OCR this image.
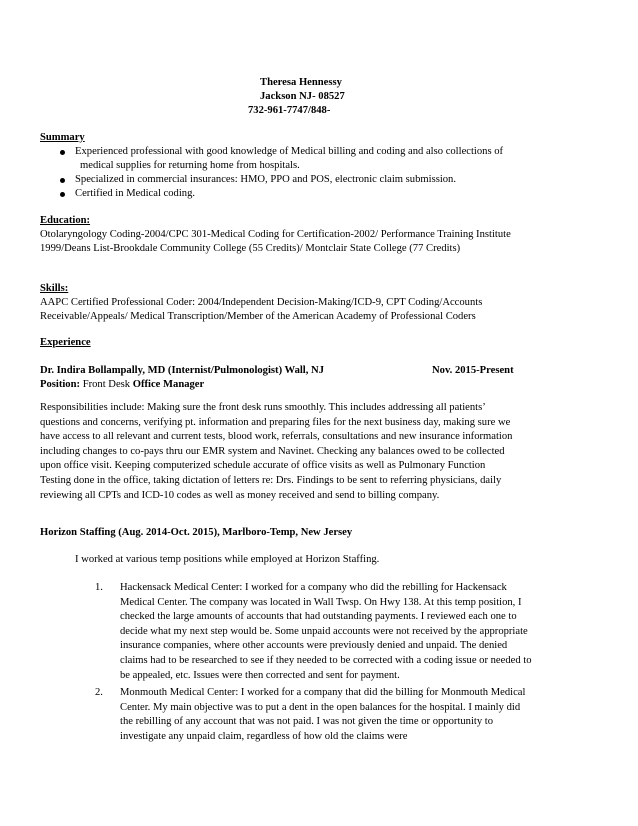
Theresa Hennessy
Jackson NJ- 08527
732-961-7747/848-
Summary
Experienced professional with good knowledge of Medical billing and coding and also collections of
medical supplies for returning home from hospitals.
Specialized in commercial insurances: HMO, PPO and POS, electronic claim submission.
Certified in Medical coding.
Education:
Otolaryngology Coding-2004/CPC 301-Medical Coding for Certification-2002/ Performance Training Institute
1999/Deans List-Brookdale Community College (55 Credits)/ Montclair State College (77 Credits)
Skills:
AAPC Certified Professional Coder: 2004/Independent Decision-Making/ICD-9, CPT Coding/Accounts
Receivable/Appeals/ Medical Transcription/Member of the American Academy of Professional Coders
Experience
Dr. Indira Bollampally, MD (Internist/Pulmonologist) Wall, NJ	Nov. 2015-Present
Position: Front Desk Office Manager
Responsibilities include: Making sure the front desk runs smoothly. This includes addressing all patients’
questions and concerns, verifying pt. information and preparing files for the next business day, making sure we
have access to all relevant and current tests, blood work, referrals, consultations and new insurance information
including changes to co-pays thru our EMR system and Navinet. Checking any balances owed to be collected
upon office visit. Keeping computerized schedule accurate of office visits as well as Pulmonary Function
Testing done in the office, taking dictation of letters re: Drs. Findings to be sent to referring physicians, daily
reviewing all CPTs and ICD-10 codes as well as money received and send to billing company.
Horizon Staffing (Aug. 2014-Oct. 2015), Marlboro-Temp, New Jersey
I worked at various temp positions while employed at Horizon Staffing.
1. Hackensack Medical Center: I worked for a company who did the rebilling for Hackensack
Medical Center. The company was located in Wall Twsp. On Hwy 138. At this temp position, I
checked the large amounts of accounts that had outstanding payments. I reviewed each one to
decide what my next step would be. Some unpaid accounts were not received by the appropriate
insurance companies, where other accounts were previously denied and unpaid. The denied
claims had to be researched to see if they needed to be corrected with a coding issue or needed to
be appealed, etc. Issues were then corrected and sent for payment.
2. Monmouth Medical Center: I worked for a company that did the billing for Monmouth Medical
Center. My main objective was to put a dent in the open balances for the hospital. I mainly did
the rebilling of any account that was not paid. I was not given the time or opportunity to
investigate any unpaid claim, regardless of how old the claims were
